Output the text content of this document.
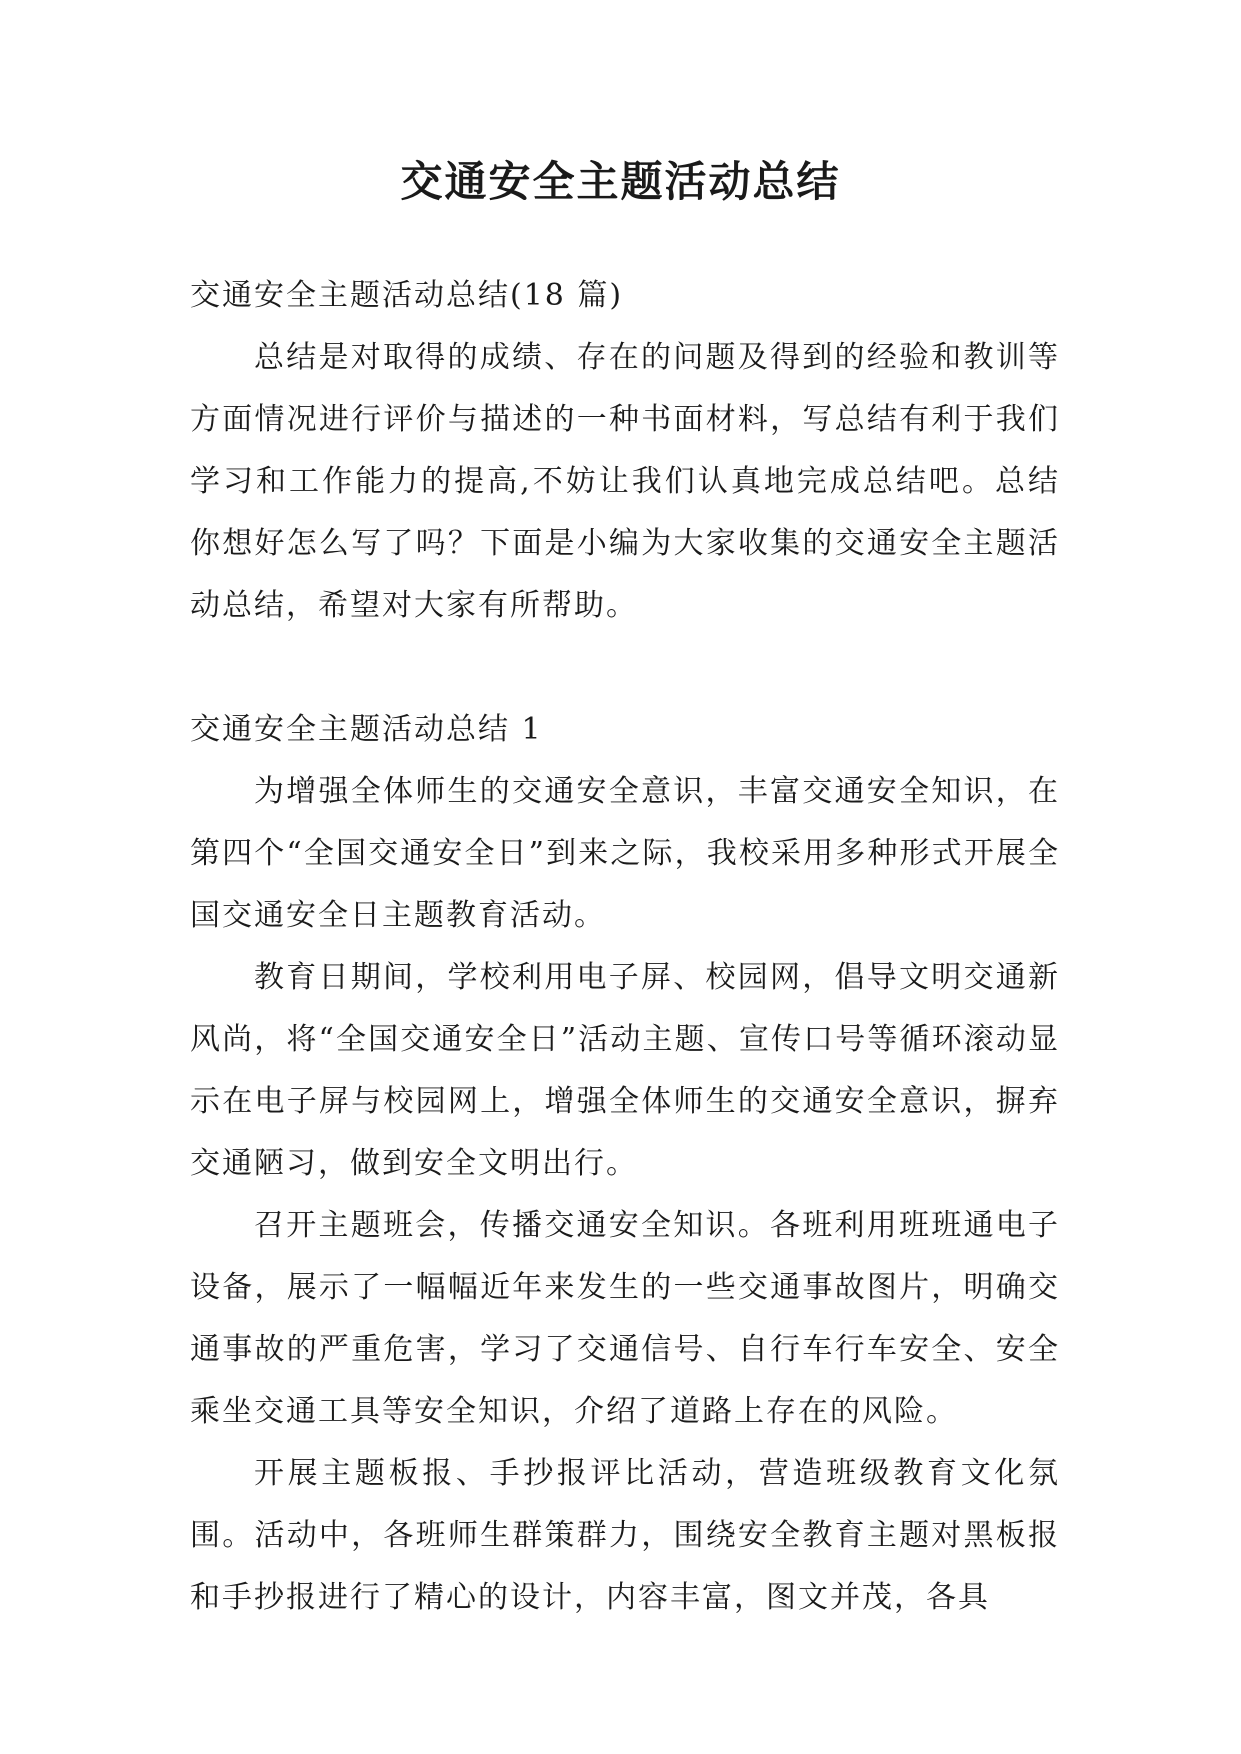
交通安全主题活动总结

交通安全主题活动总结(18 篇)

总结是对取得的成绩、存在的问题及得到的经验和教训等方面情况进行评价与描述的一种书面材料，写总结有利于我们学习和工作能力的提高,不妨让我们认真地完成总结吧。总结你想好怎么写了吗？下面是小编为大家收集的交通安全主题活动总结，希望对大家有所帮助。

交通安全主题活动总结 1

为增强全体师生的交通安全意识，丰富交通安全知识，在第四个“全国交通安全日”到来之际，我校采用多种形式开展全国交通安全日主题教育活动。

教育日期间，学校利用电子屏、校园网，倡导文明交通新风尚，将“全国交通安全日”活动主题、宣传口号等循环滚动显示在电子屏与校园网上，增强全体师生的交通安全意识，摒弃交通陋习，做到安全文明出行。

召开主题班会，传播交通安全知识。各班利用班班通电子设备，展示了一幅幅近年来发生的一些交通事故图片，明确交通事故的严重危害，学习了交通信号、自行车行车安全、安全乘坐交通工具等安全知识，介绍了道路上存在的风险。

开展主题板报、手抄报评比活动，营造班级教育文化氛围。活动中，各班师生群策群力，围绕安全教育主题对黑板报和手抄报进行了精心的设计，内容丰富，图文并茂，各具
